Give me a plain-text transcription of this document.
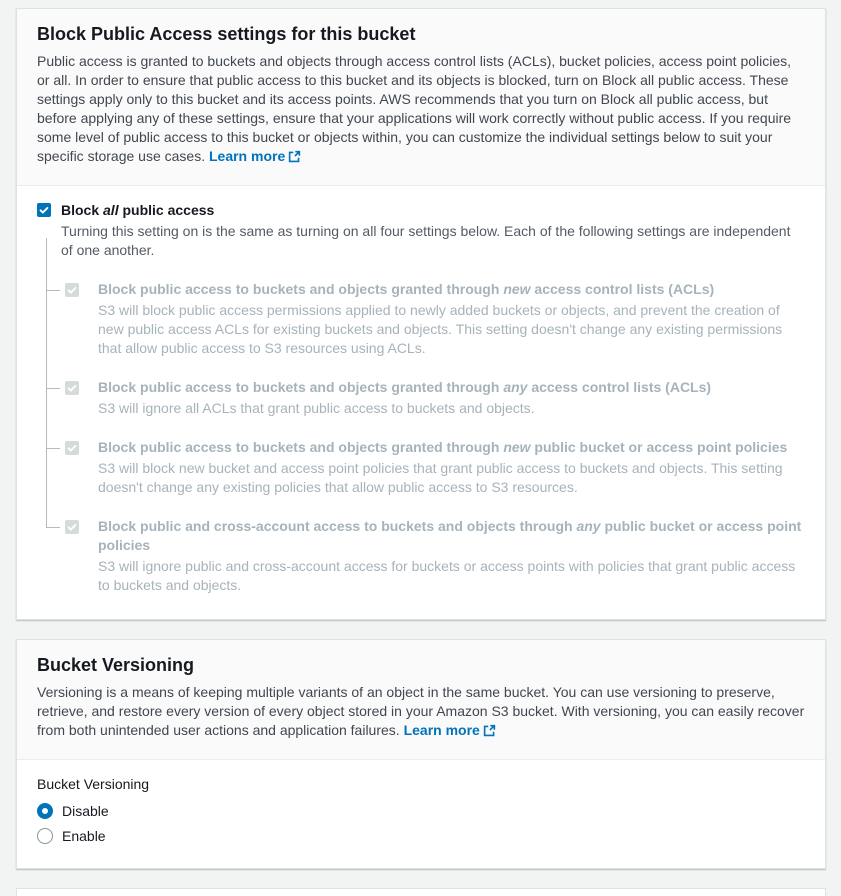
Block Public Access settings for this bucket

Public access is granted to buckets and objects through access control lists (ACLs), bucket policies, access point policies, or all. In order to ensure that public access to this bucket and its objects is blocked, turn on Block all public access. These settings apply only to this bucket and its access points. AWS recommends that you turn on Block all public access, but before applying any of these settings, ensure that your applications will work correctly without public access. If you require some level of public access to this bucket or objects within, you can customize the individual settings below to suit your specific storage use cases. Learn more

Block all public access

Turning this setting on is the same as turning on all four settings below. Each of the following settings are independent of one another.

Block public access to buckets and objects granted through new access control lists (ACLs)

S3 will block public access permissions applied to newly added buckets or objects, and prevent the creation of new public access ACLs for existing buckets and objects. This setting doesn't change any existing permissions that allow public access to S3 resources using ACLs.

Block public access to buckets and objects granted through any access control lists (ACLs)

S3 will ignore all ACLs that grant public access to buckets and objects.

Block public access to buckets and objects granted through new public bucket or access point policies

S3 will block new bucket and access point policies that grant public access to buckets and objects. This setting doesn't change any existing policies that allow public access to S3 resources.

Block public and cross-account access to buckets and objects through any public bucket or access point policies

S3 will ignore public and cross-account access for buckets or access points with policies that grant public access to buckets and objects.

Bucket Versioning

Versioning is a means of keeping multiple variants of an object in the same bucket. You can use versioning to preserve, retrieve, and restore every version of every object stored in your Amazon S3 bucket. With versioning, you can easily recover from both unintended user actions and application failures. Learn more

Bucket Versioning
Disable
Enable
